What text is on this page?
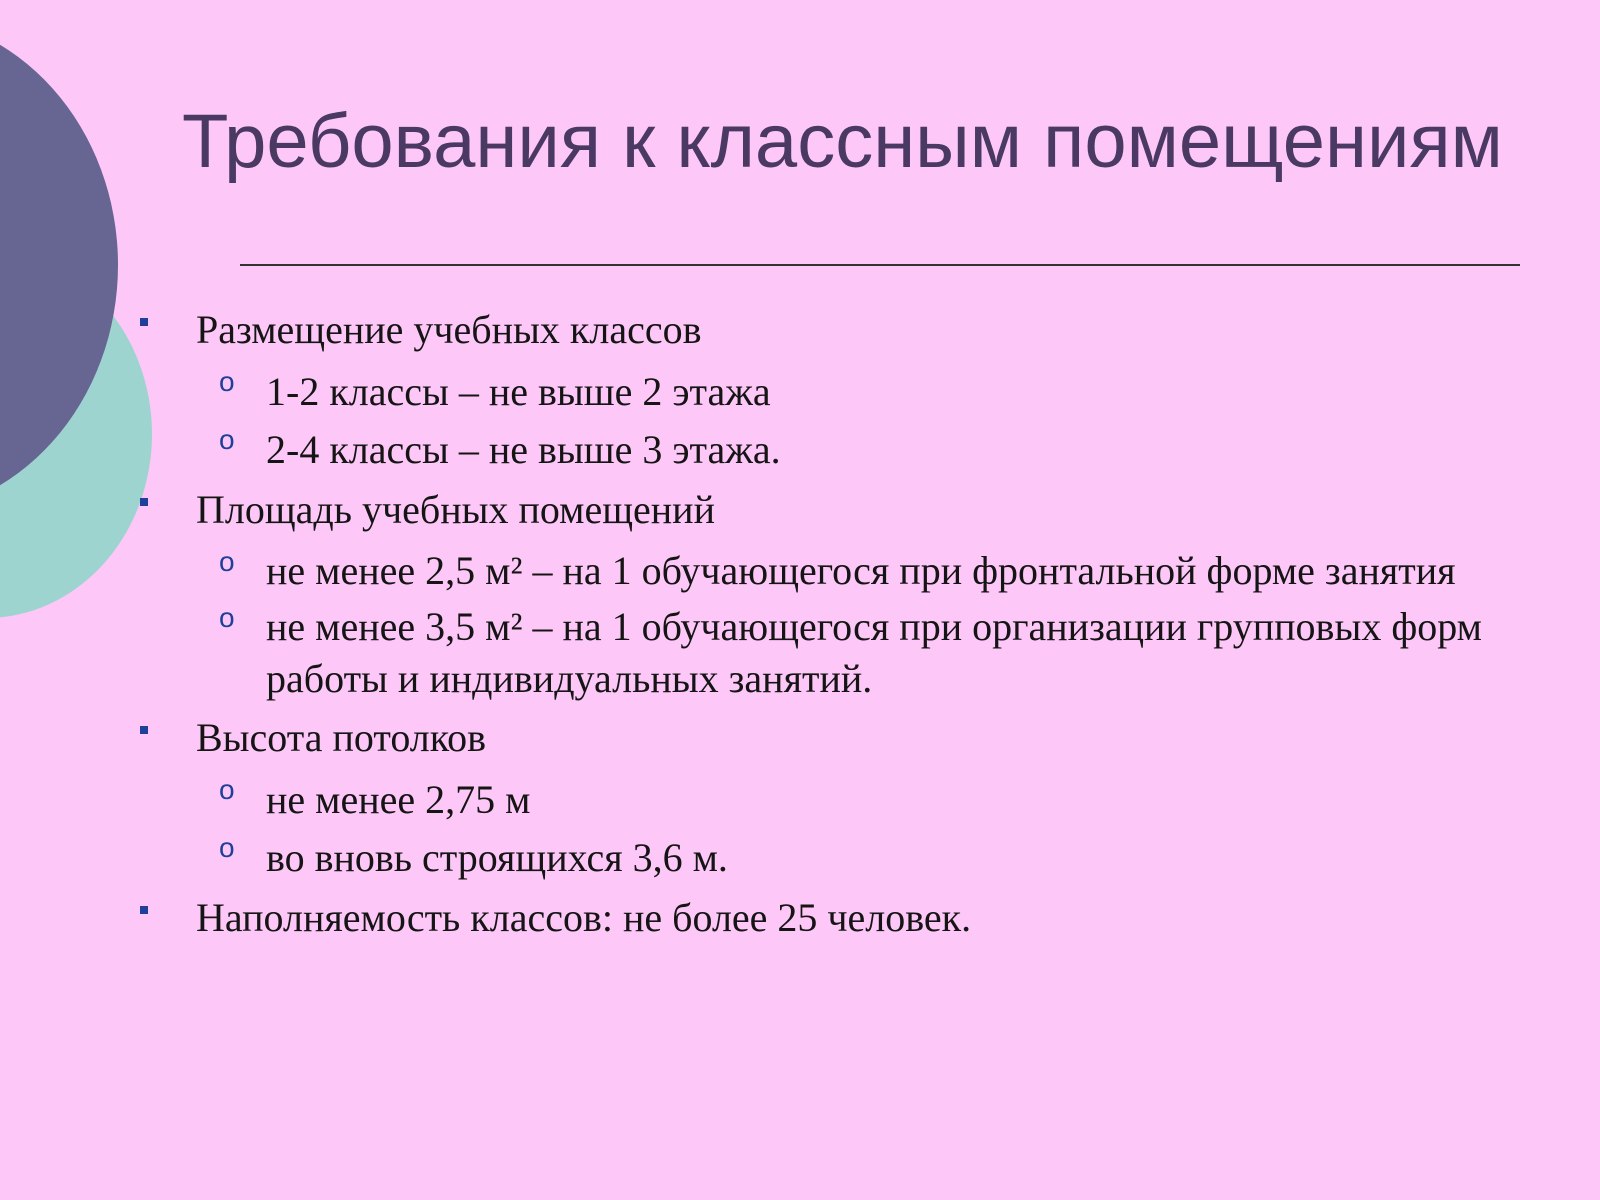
Требования к классным помещениям
Размещение учебных классов
o 1-2 классы – не выше 2 этажа
o 2-4 классы – не выше 3 этажа.
Площадь учебных помещений
o не менее 2,5 м² – на 1 обучающегося при фронтальной форме занятия
o не менее 3,5 м² – на 1 обучающегося при организации групповых форм работы и индивидуальных занятий.
Высота потолков
o не менее 2,75 м
o во вновь строящихся 3,6 м.
Наполняемость классов: не более 25 человек.
